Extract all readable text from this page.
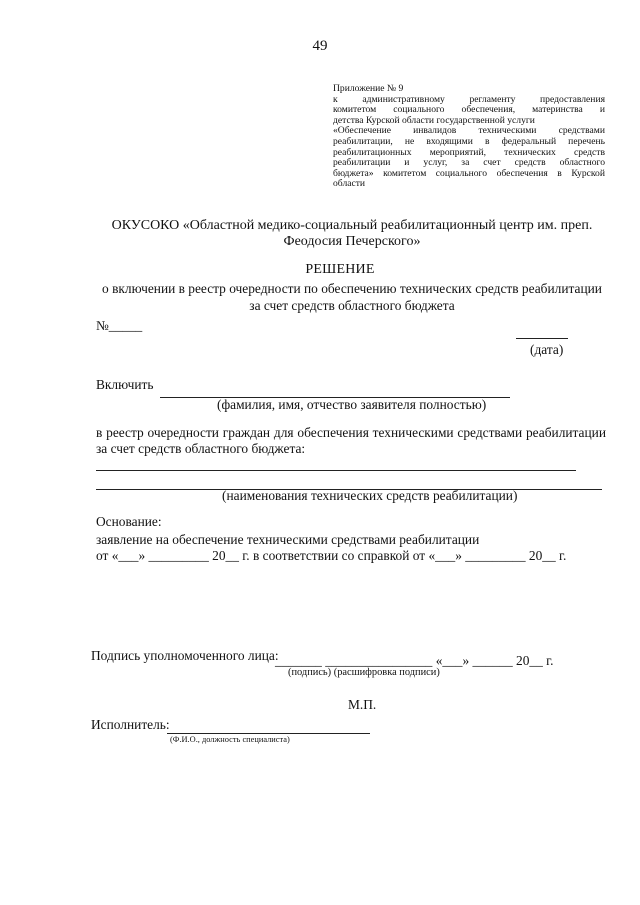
49
Приложение № 9
к административному регламенту предоставления
комитетом социального обеспечения, материнства и
детства Курской области государственной услуги
«Обеспечение инвалидов техническими средствами
реабилитации, не входящими в федеральный перечень
реабилитационных мероприятий, технических средств
реабилитации и услуг, за счет средств областного
бюджета» комитетом социального обеспечения в Курской
области
ОКУСОКО «Областной медико-социальный реабилитационный центр им. преп. Феодосия Печерского»
РЕШЕНИЕ
о включении в реестр очередности по обеспечению технических средств реабилитации за счет средств областного бюджета
№_____
(дата)
Включить
(фамилия, имя, отчество заявителя полностью)
в реестр очередности граждан для обеспечения техническими средствами реабилитации
за счет средств областного бюджета:
(наименования технических средств реабилитации)
Основание:
заявление на обеспечение техническими средствами реабилитации
от «___» _________ 20__ г. в соответствии со справкой от «___» _________ 20__ г.
Подпись уполномоченного лица:
_______ ________________ «___» ______ 20__ г.
(подпись) (расшифровка подписи)
М.П.
Исполнитель:
(Ф.И.О., должность специалиста)
